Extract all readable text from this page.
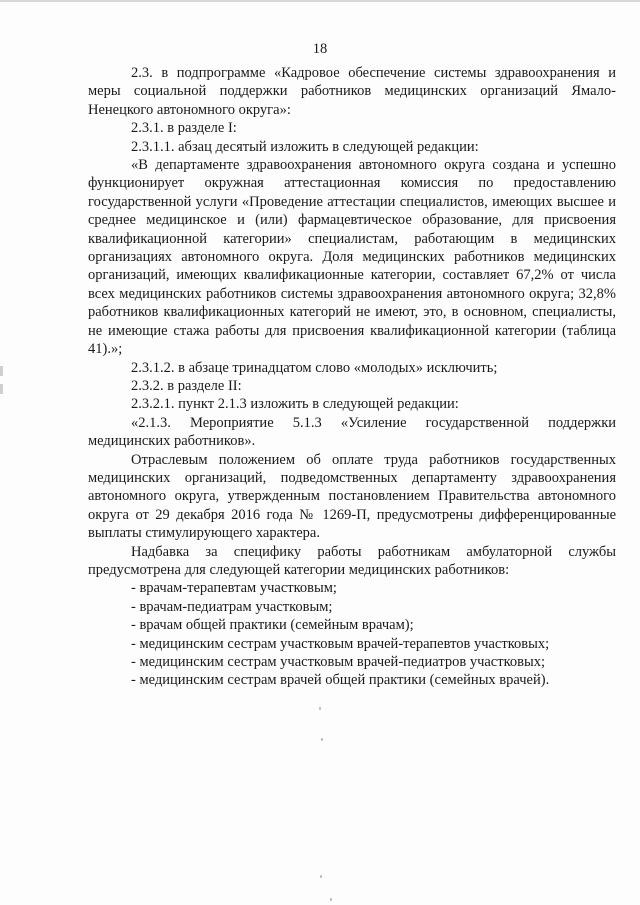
18

2.3. в подпрограмме «Кадровое обеспечение системы здравоохранения и меры социальной поддержки работников медицинских организаций Ямало-Ненецкого автономного округа»:

2.3.1. в разделе I:

2.3.1.1. абзац десятый изложить в следующей редакции:

«В департаменте здравоохранения автономного округа создана и успешно функционирует окружная аттестационная комиссия по предоставлению государственной услуги «Проведение аттестации специалистов, имеющих высшее и среднее медицинское и (или) фармацевтическое образование, для присвоения квалификационной категории» специалистам, работающим в медицинских организациях автономного округа. Доля медицинских работников медицинских организаций, имеющих квалификационные категории, составляет 67,2% от числа всех медицинских работников системы здравоохранения автономного округа; 32,8% работников квалификационных категорий не имеют, это, в основном, специалисты, не имеющие стажа работы для присвоения квалификационной категории (таблица 41).»;

2.3.1.2. в абзаце тринадцатом слово «молодых» исключить;

2.3.2. в разделе II:

2.3.2.1. пункт 2.1.3 изложить в следующей редакции:

«2.1.3. Мероприятие 5.1.3 «Усиление государственной поддержки медицинских работников».

Отраслевым положением об оплате труда работников государственных медицинских организаций, подведомственных департаменту здравоохранения автономного округа, утвержденным постановлением Правительства автономного округа от 29 декабря 2016 года № 1269-П, предусмотрены дифференцированные выплаты стимулирующего характера.

Надбавка за специфику работы работникам амбулаторной службы предусмотрена для следующей категории медицинских работников:

- врачам-терапевтам участковым;
- врачам-педиатрам участковым;
- врачам общей практики (семейным врачам);
- медицинским сестрам участковым врачей-терапевтов участковых;
- медицинским сестрам участковым врачей-педиатров участковых;
- медицинским сестрам врачей общей практики (семейных врачей).
